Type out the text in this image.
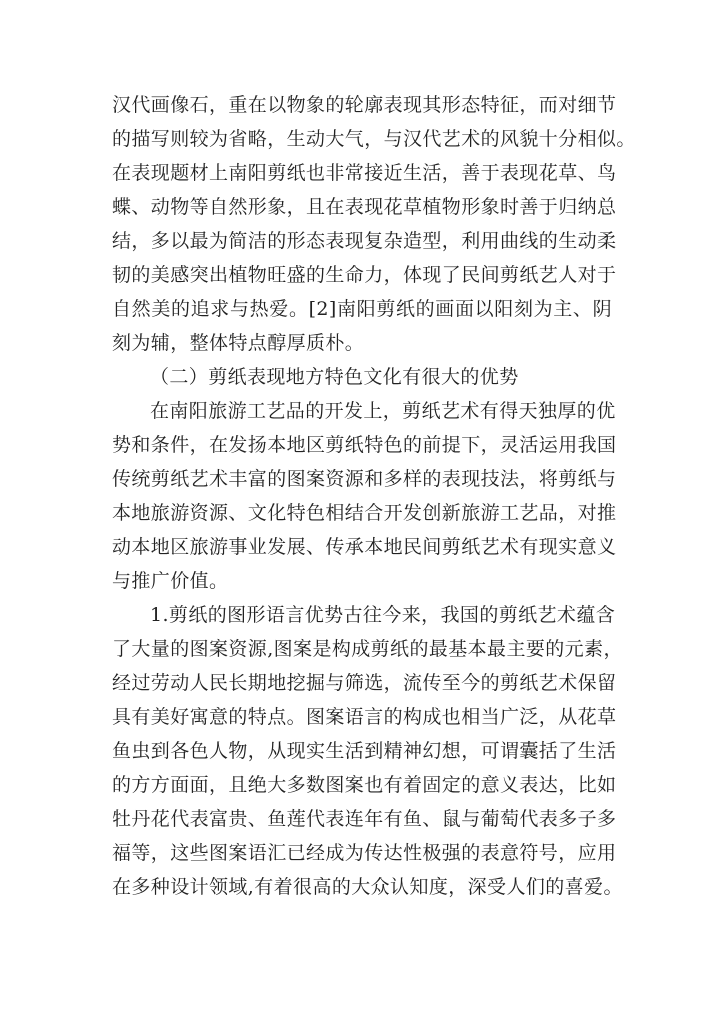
汉代画像石，重在以物象的轮廓表现其形态特征，而对细节
的描写则较为省略，生动大气，与汉代艺术的风貌十分相似。
在表现题材上南阳剪纸也非常接近生活，善于表现花草、鸟
蝶、动物等自然形象，且在表现花草植物形象时善于归纳总
结，多以最为简洁的形态表现复杂造型，利用曲线的生动柔
韧的美感突出植物旺盛的生命力，体现了民间剪纸艺人对于
自然美的追求与热爱。[2]南阳剪纸的画面以阳刻为主、阴
刻为辅，整体特点醇厚质朴。
（二）剪纸表现地方特色文化有很大的优势
在南阳旅游工艺品的开发上，剪纸艺术有得天独厚的优
势和条件，在发扬本地区剪纸特色的前提下，灵活运用我国
传统剪纸艺术丰富的图案资源和多样的表现技法，将剪纸与
本地旅游资源、文化特色相结合开发创新旅游工艺品，对推
动本地区旅游事业发展、传承本地民间剪纸艺术有现实意义
与推广价值。
1.剪纸的图形语言优势古往今来，我国的剪纸艺术蕴含
了大量的图案资源,图案是构成剪纸的最基本最主要的元素，
经过劳动人民长期地挖掘与筛选，流传至今的剪纸艺术保留
具有美好寓意的特点。图案语言的构成也相当广泛，从花草
鱼虫到各色人物，从现实生活到精神幻想，可谓囊括了生活
的方方面面，且绝大多数图案也有着固定的意义表达，比如
牡丹花代表富贵、鱼莲代表连年有鱼、鼠与葡萄代表多子多
福等，这些图案语汇已经成为传达性极强的表意符号，应用
在多种设计领域,有着很高的大众认知度，深受人们的喜爱。
